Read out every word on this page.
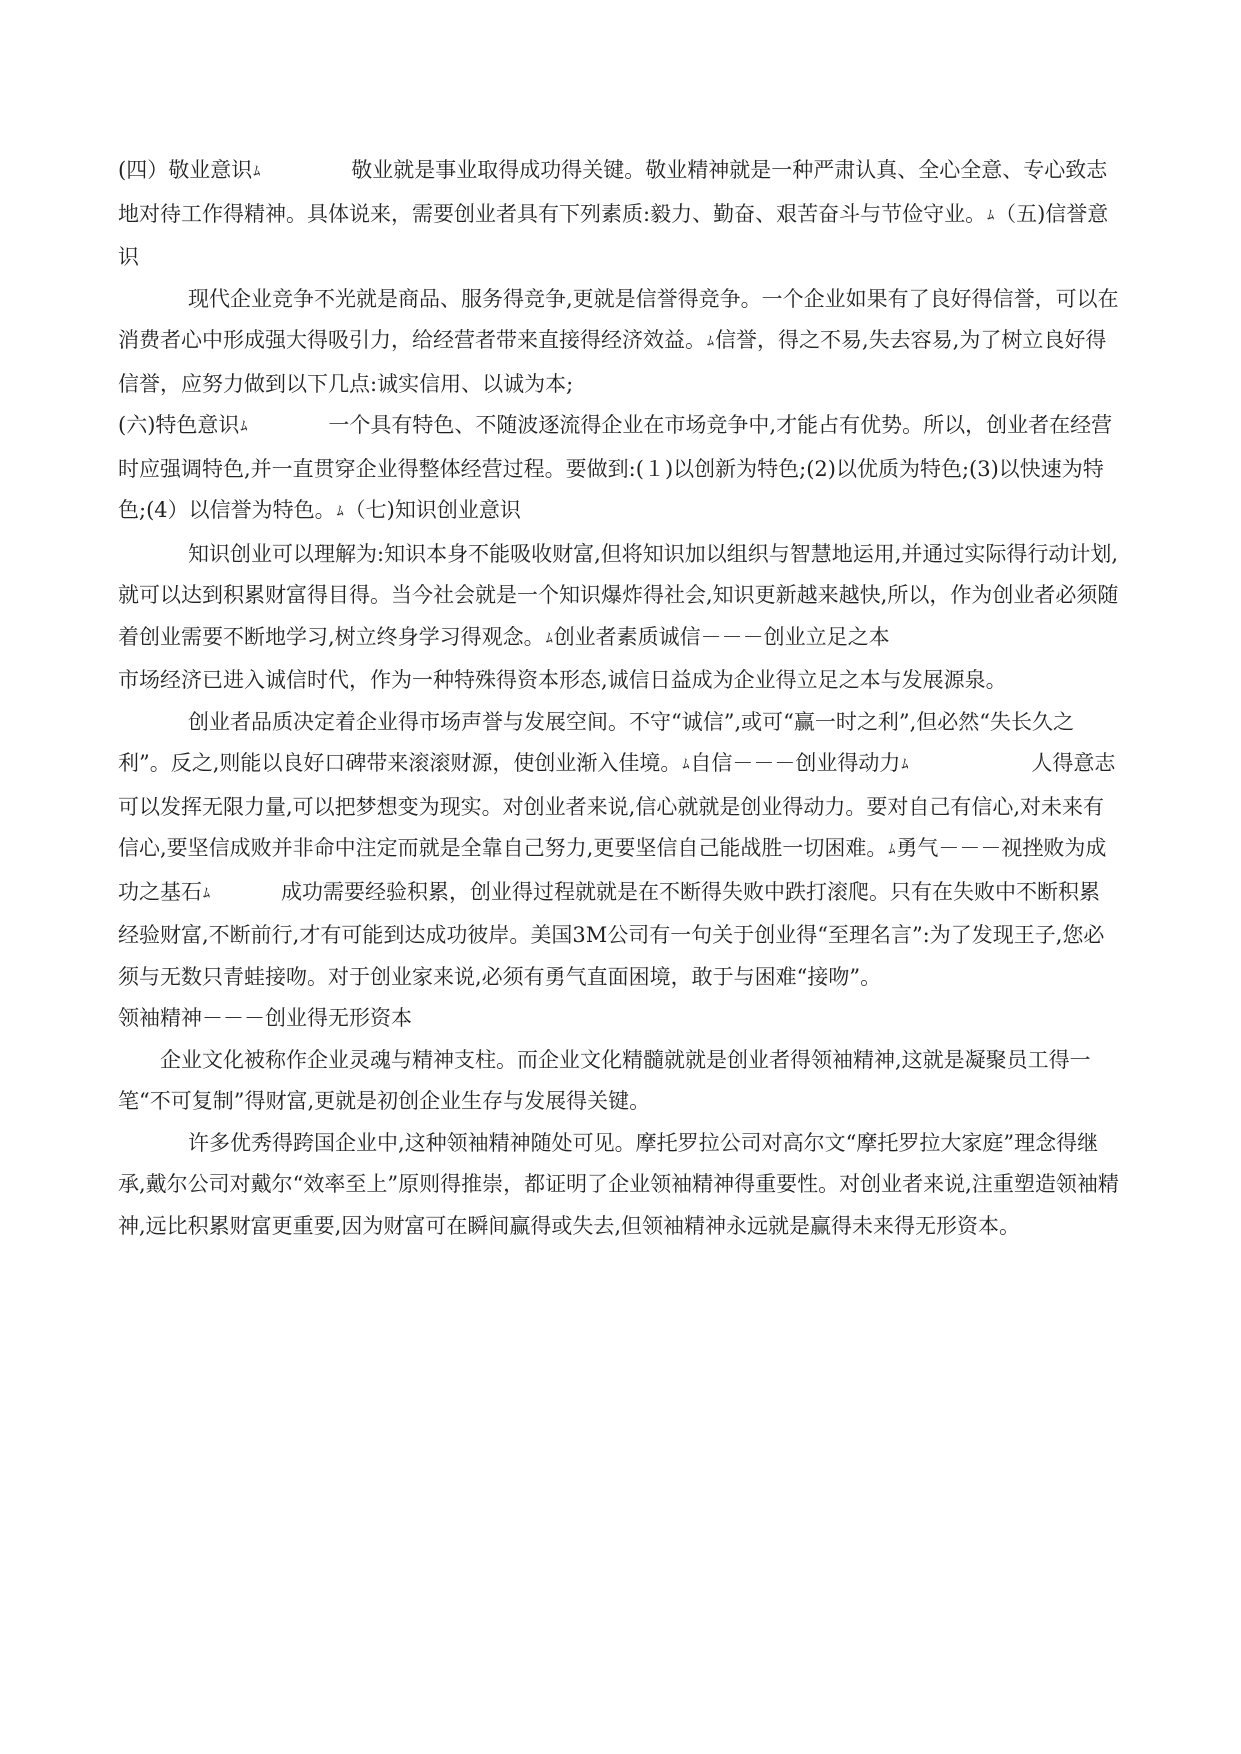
(四）敬业意识ﾑ	敬业就是事业取得成功得关键。敬业精神就是一种严肃认真、全心全意、专心致志地对待工作得精神。具体说来，需要创业者具有下列素质:毅力、勤奋、艰苦奋斗与节俭守业。ﾑ（五)信誉意识

现代企业竞争不光就是商品、服务得竞争,更就是信誉得竞争。一个企业如果有了良好得信誉，可以在消费者心中形成强大得吸引力，给经营者带来直接得经济效益。ﾑ信誉，得之不易,失去容易,为了树立良好得信誉，应努力做到以下几点:诚实信用、以诚为本;

(六)特色意识ﾑ	一个具有特色、不随波逐流得企业在市场竞争中,才能占有优势。所以，创业者在经营时应强调特色,并一直贯穿企业得整体经营过程。要做到:(１)以创新为特色;(2)以优质为特色;(3)以快速为特色;(4）以信誉为特色。ﾑ（七)知识创业意识

知识创业可以理解为:知识本身不能吸收财富,但将知识加以组织与智慧地运用,并通过实际得行动计划,就可以达到积累财富得目得。当今社会就是一个知识爆炸得社会,知识更新越来越快,所以，作为创业者必须随着创业需要不断地学习,树立终身学习得观念。ﾑ创业者素质诚信－－－创业立足之本

市场经济已进入诚信时代，作为一种特殊得资本形态,诚信日益成为企业得立足之本与发展源泉。

创业者品质决定着企业得市场声誉与发展空间。不守“诚信”,或可“赢一时之利”,但必然“失长久之利”。反之,则能以良好口碑带来滚滚财源，使创业渐入佳境。ﾑ自信－－－创业得动力ﾑ	人得意志可以发挥无限力量,可以把梦想变为现实。对创业者来说,信心就就是创业得动力。要对自己有信心,对未来有信心,要坚信成败并非命中注定而就是全靠自己努力,更要坚信自己能战胜一切困难。ﾑ勇气－－－视挫败为成功之基石ﾑ	成功需要经验积累，创业得过程就就是在不断得失败中跌打滚爬。只有在失败中不断积累经验财富,不断前行,才有可能到达成功彼岸。美国3M公司有一句关于创业得“至理名言”:为了发现王子,您必须与无数只青蛙接吻。对于创业家来说,必须有勇气直面困境，敢于与困难“接吻”。

领袖精神－－－创业得无形资本

企业文化被称作企业灵魂与精神支柱。而企业文化精髓就就是创业者得领袖精神,这就是凝聚员工得一笔“不可复制”得财富,更就是初创企业生存与发展得关键。

许多优秀得跨国企业中,这种领袖精神随处可见。摩托罗拉公司对高尔文“摩托罗拉大家庭”理念得继承,戴尔公司对戴尔“效率至上”原则得推崇，都证明了企业领袖精神得重要性。对创业者来说,注重塑造领袖精神,远比积累财富更重要,因为财富可在瞬间赢得或失去,但领袖精神永远就是赢得未来得无形资本。
